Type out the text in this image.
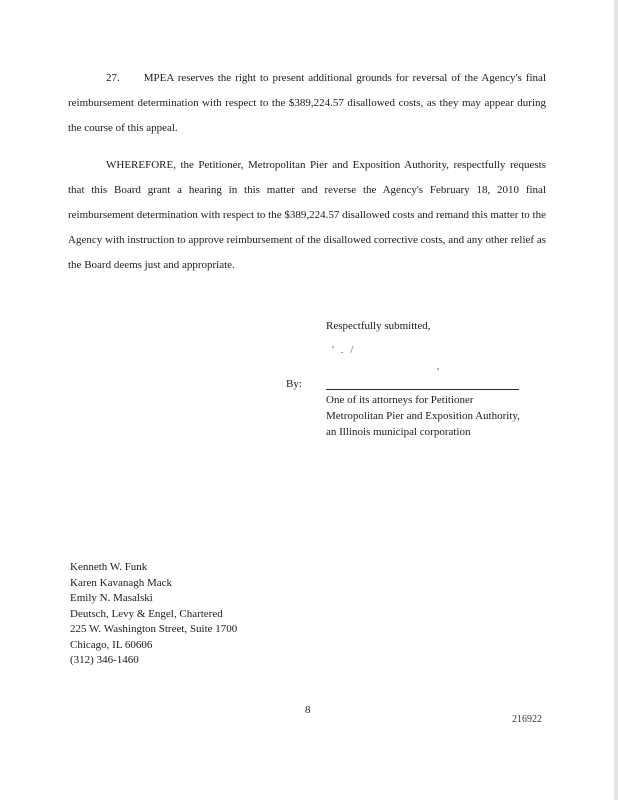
27. MPEA reserves the right to present additional grounds for reversal of the Agency's final reimbursement determination with respect to the $389,224.57 disallowed costs, as they may appear during the course of this appeal.

WHEREFORE, the Petitioner, Metropolitan Pier and Exposition Authority, respectfully requests that this Board grant a hearing in this matter and reverse the Agency's February 18, 2010 final reimbursement determination with respect to the $389,224.57 disallowed costs and remand this matter to the Agency with instruction to approve reimbursement of the disallowed corrective costs, and any other relief as the Board deems just and appropriate.

Respectfully submitted,
' . /
'
By:
One of its attorneys for Petitioner
Metropolitan Pier and Exposition Authority,
an Illinois municipal corporation
Kenneth W. Funk
Karen Kavanagh Mack
Emily N. Masalski
Deutsch, Levy & Engel, Chartered
225 W. Washington Street, Suite 1700
Chicago, IL 60606
(312) 346-1460
8
216922
